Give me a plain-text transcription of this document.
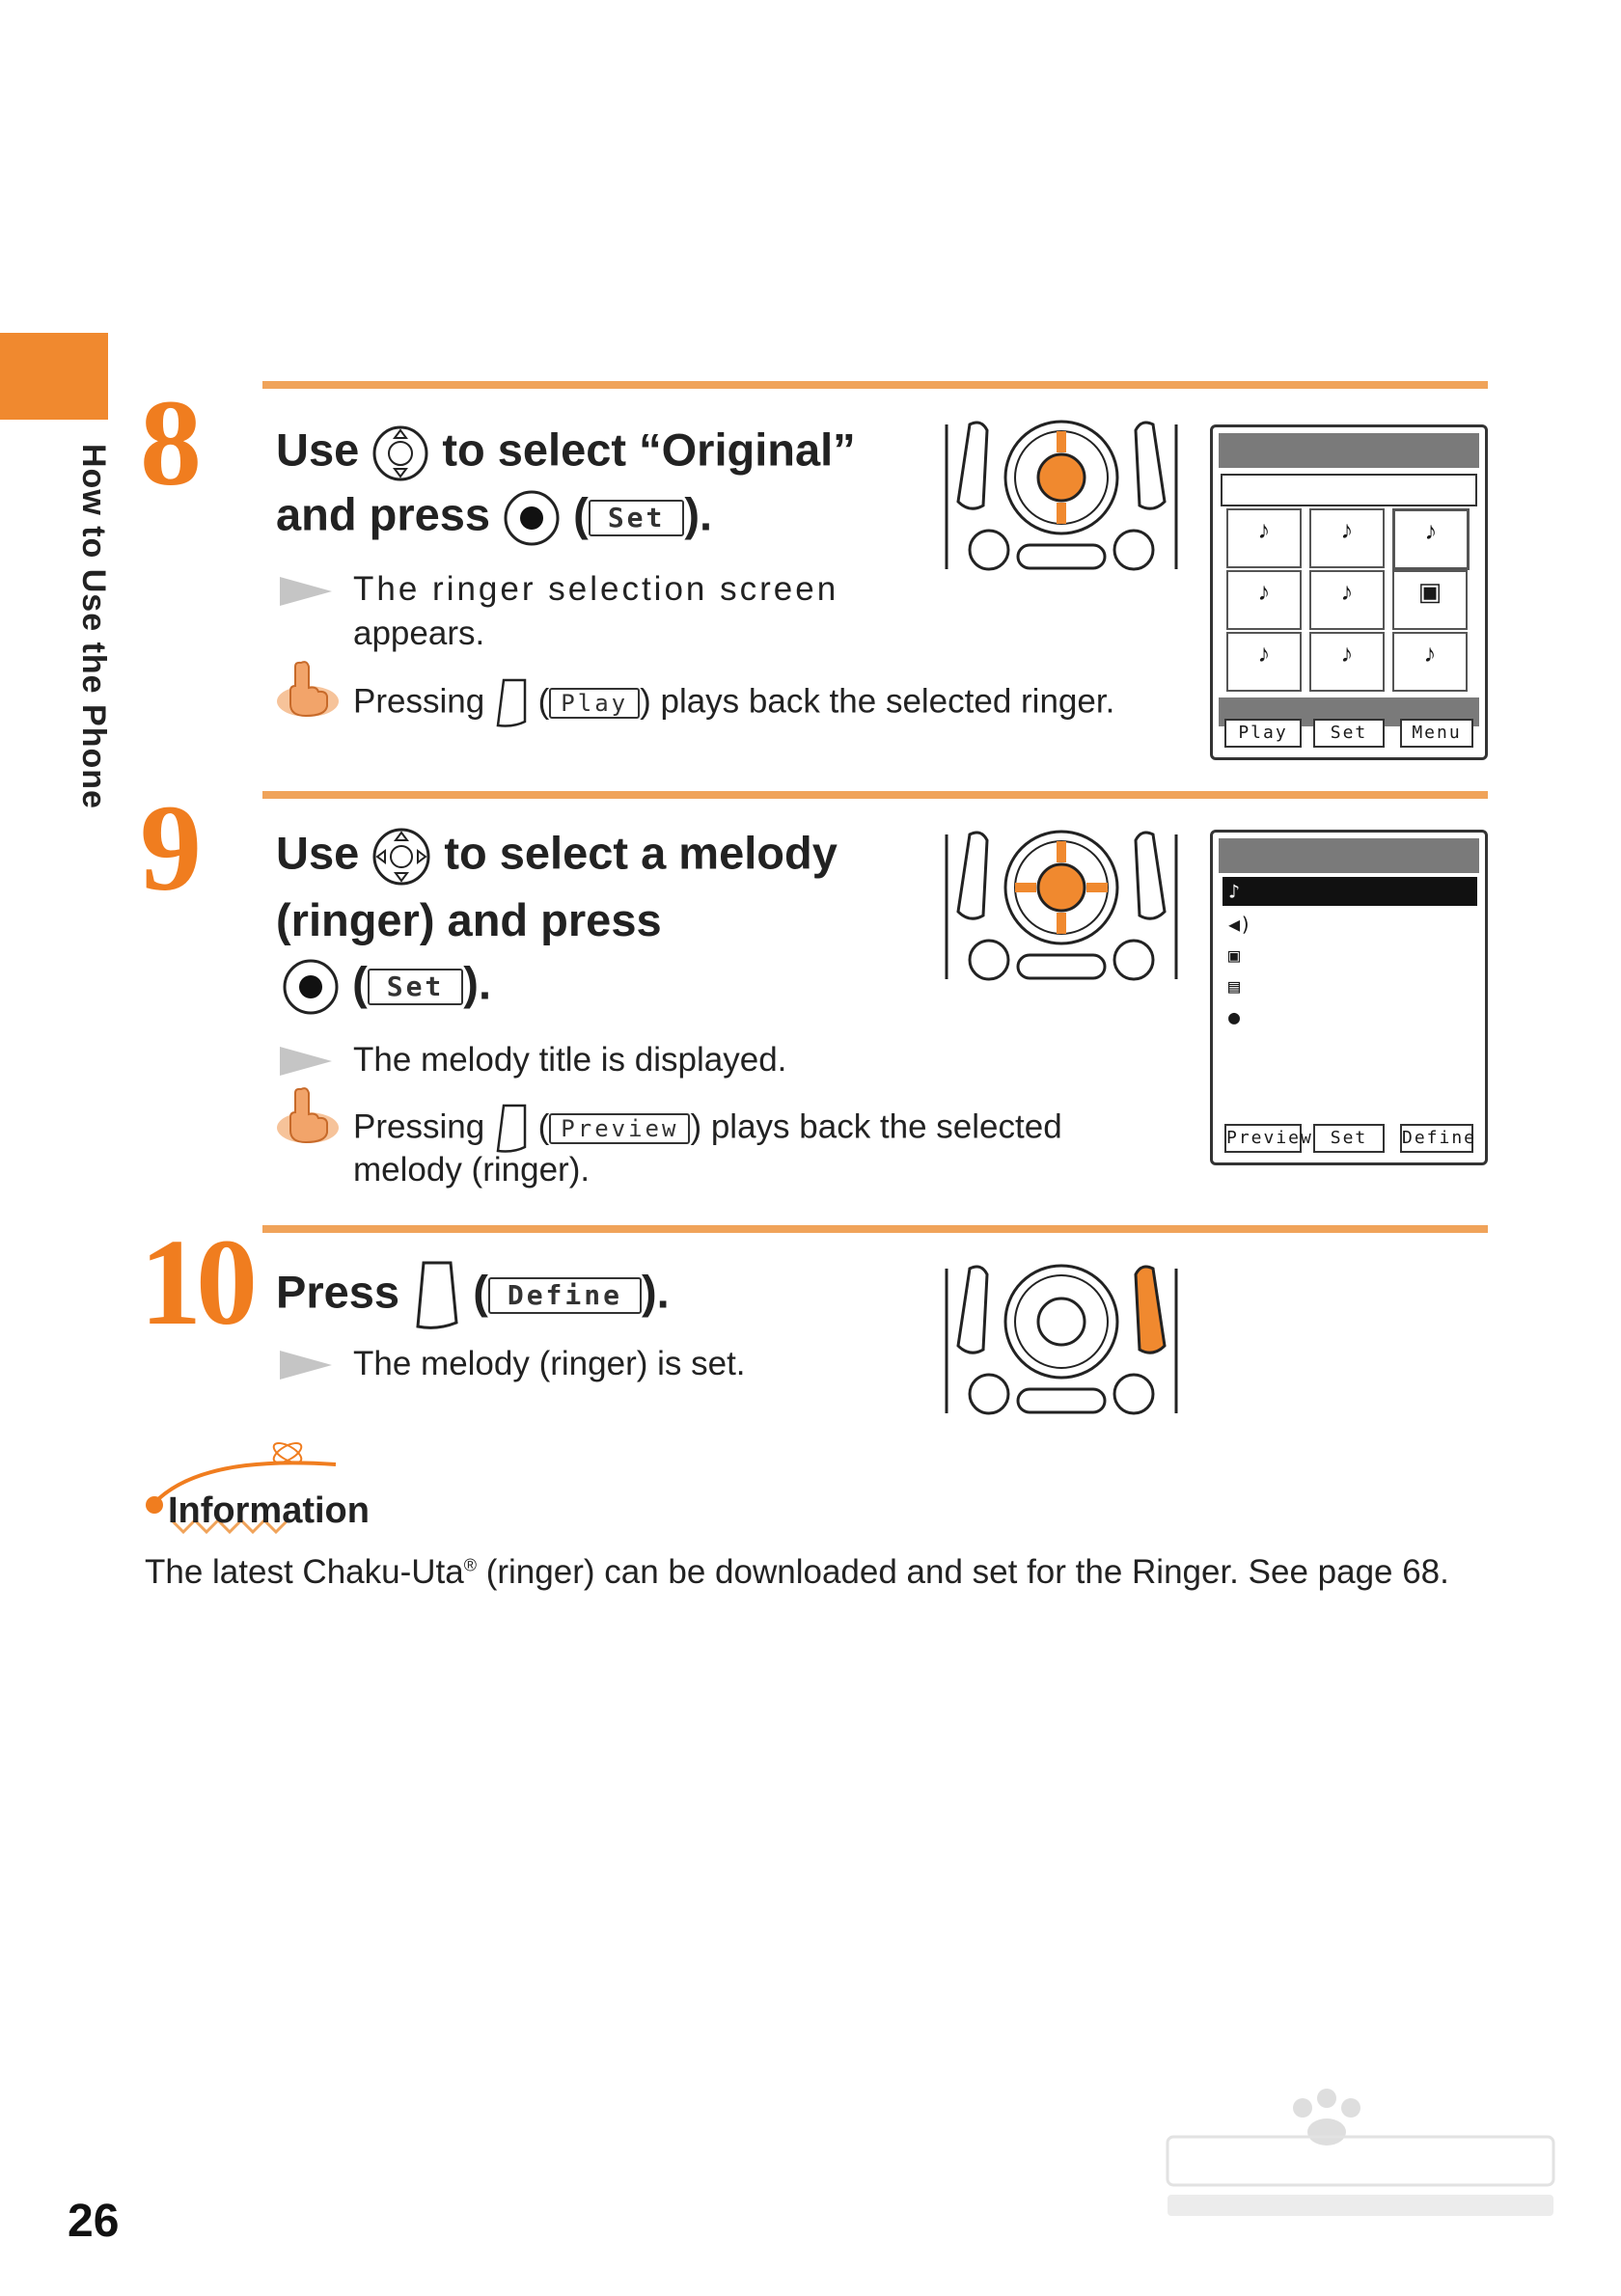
How to Use the Phone
8 Use to select “Original”
and press ( Set ).
The ringer selection screen
appears.
Pressing  ( Play ) plays back the selected ringer.
♪	♪	♪
♪	♪	▣
♪	♪	♪
Play	Set	Menu
9 Use to select a melody
(ringer) and press
( Set ).
The melody title is displayed.
Pressing  ( Preview ) plays back the selected
melody (ringer).
♪
◀)
▣
▤
●
Preview Set	Define
10 Press ( Define ).
The melody (ringer) is set.
Information
The latest Chaku-Uta® (ringer) can be downloaded and set for the Ringer. See page 68.
26
